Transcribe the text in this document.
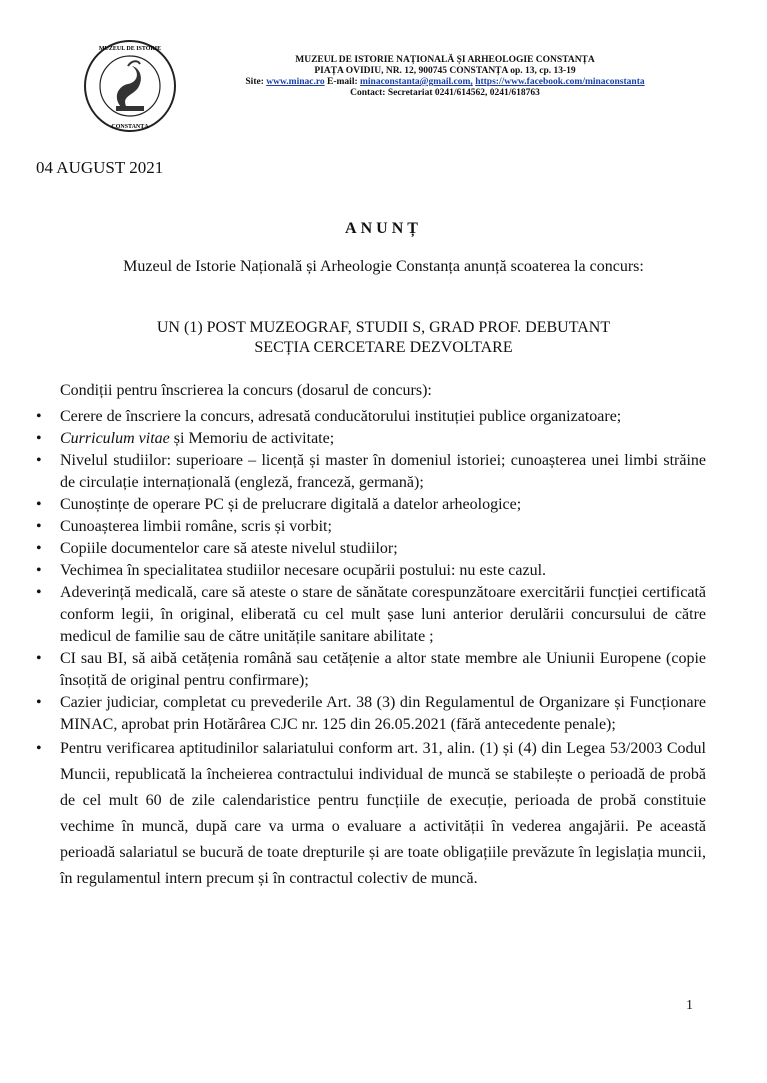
MUZEUL DE ISTORIE
CONSTANȚA
MUZEUL DE ISTORIE NAȚIONALĂ ȘI ARHEOLOGIE CONSTANȚA
PIAȚA OVIDIU, NR. 12, 900745 CONSTANȚA op. 13, cp. 13-19
Site: www.minac.ro E-mail: minaconstanta@gmail.com, https://www.facebook.com/minaconstanta
Contact: Secretariat 0241/614562, 0241/618763
04 AUGUST 2021
ANUNȚ
Muzeul de Istorie Națională și Arheologie Constanța anunță scoaterea la concurs:
UN (1) POST MUZEOGRAF, STUDII S, GRAD PROF. DEBUTANT
SECȚIA CERCETARE DEZVOLTARE
Condiții pentru înscrierea la concurs (dosarul de concurs):
• Cerere de înscriere la concurs, adresată conducătorului instituției publice organizatoare;
• Curriculum vitae și Memoriu de activitate;
• Nivelul studiilor: superioare – licență și master în domeniul istoriei; cunoașterea unei limbi străine de circulație internațională (engleză, franceză, germană);
• Cunoștințe de operare PC și de prelucrare digitală a datelor arheologice;
• Cunoașterea limbii române, scris și vorbit;
• Copiile documentelor care să ateste nivelul studiilor;
• Vechimea în specialitatea studiilor necesare ocupării postului: nu este cazul.
• Adeverință medicală, care să ateste o stare de sănătate corespunzătoare exercitării funcției certificată conform legii, în original, eliberată cu cel mult șase luni anterior derulării concursului de către medicul de familie sau de către unitățile sanitare abilitate ;
• CI sau BI, să aibă cetățenia română sau cetățenie a altor state membre ale Uniunii Europene (copie însoțită de original pentru confirmare);
• Cazier judiciar, completat cu prevederile Art. 38 (3) din Regulamentul de Organizare și Funcționare MINAC, aprobat prin Hotărârea CJC nr. 125 din 26.05.2021 (fără antecedente penale);
• Pentru verificarea aptitudinilor salariatului conform art. 31, alin. (1) și (4) din Legea 53/2003 Codul Muncii, republicată la încheierea contractului individual de muncă se stabilește o perioadă de probă de cel mult 60 de zile calendaristice pentru funcțiile de execuție, perioada de probă constituie vechime în muncă, după care va urma o evaluare a activității în vederea angajării. Pe această perioadă salariatul se bucură de toate drepturile și are toate obligațiile prevăzute în legislația muncii, în regulamentul intern precum și în contractul colectiv de muncă.
1
